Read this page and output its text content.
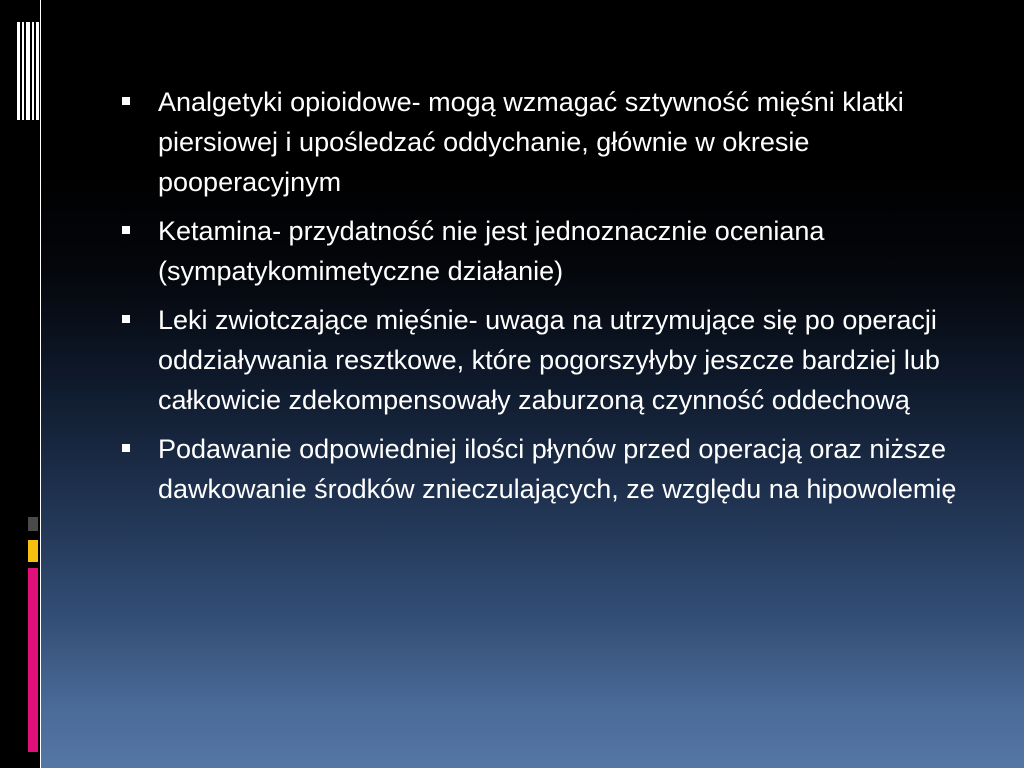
Analgetyki opioidowe- mogą wzmagać sztywność mięśni klatki piersiowej i upośledzać oddychanie, głównie w okresie pooperacyjnym
Ketamina- przydatność nie jest jednoznacznie oceniana (sympatykomimetyczne działanie)
Leki zwiotczające mięśnie- uwaga na utrzymujące się po operacji oddziaływania resztkowe, które pogorszyłyby jeszcze bardziej lub całkowicie zdekompensowały zaburzoną czynność oddechową
Podawanie odpowiedniej ilości płynów przed operacją oraz niższe dawkowanie środków znieczulających, ze względu na hipowolemię
